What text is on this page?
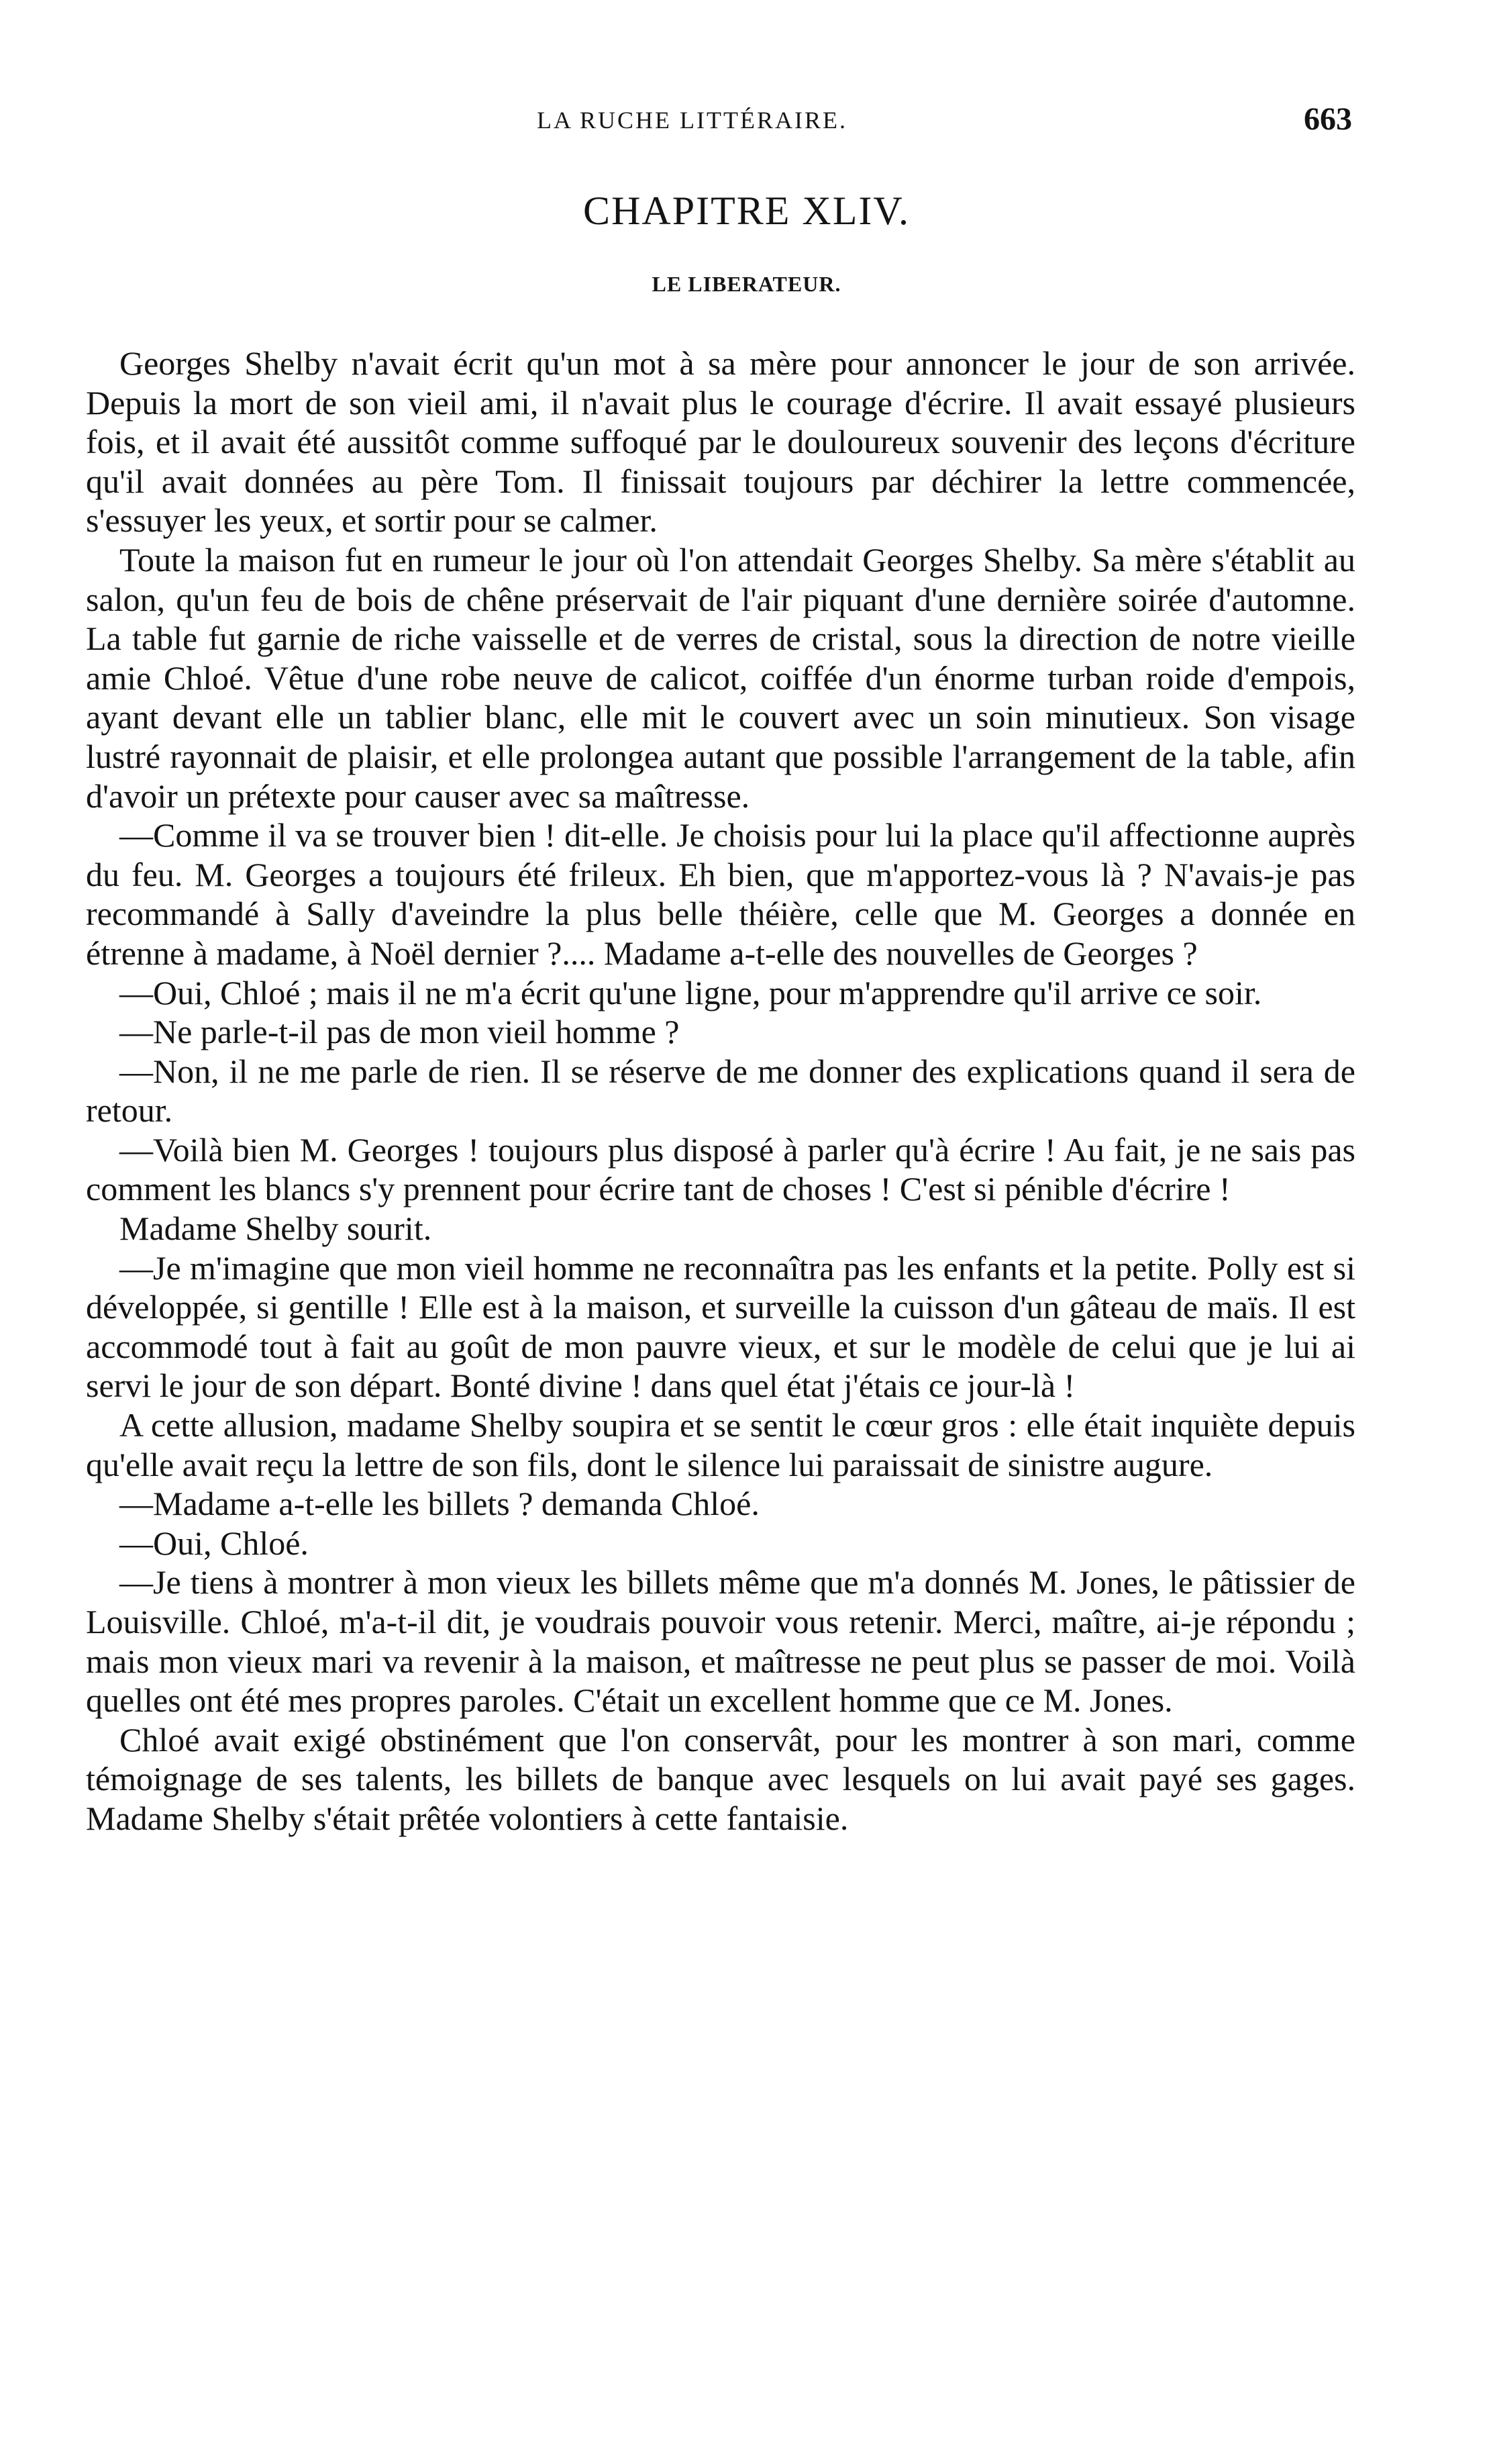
LA RUCHE LITTÉRAIRE.	663
CHAPITRE XLIV.
LE LIBERATEUR.

Georges Shelby n'avait écrit qu'un mot à sa mère pour annoncer le jour de son arrivée. Depuis la mort de son vieil ami, il n'avait plus le courage d'écrire. Il avait essayé plusieurs fois, et il avait été aussitôt comme suffoqué par le douloureux souvenir des leçons d'écriture qu'il avait données au père Tom. Il finissait toujours par déchirer la lettre commencée, s'essuyer les yeux, et sortir pour se calmer.

Toute la maison fut en rumeur le jour où l'on attendait Georges Shelby. Sa mère s'établit au salon, qu'un feu de bois de chêne préservait de l'air piquant d'une dernière soirée d'automne. La table fut garnie de riche vaisselle et de verres de cristal, sous la direction de notre vieille amie Chloé. Vêtue d'une robe neuve de calicot, coiffée d'un énorme turban roide d'empois, ayant devant elle un tablier blanc, elle mit le couvert avec un soin minutieux. Son visage lustré rayonnait de plaisir, et elle prolongea autant que possible l'arrangement de la table, afin d'avoir un prétexte pour causer avec sa maîtresse.

—Comme il va se trouver bien ! dit-elle. Je choisis pour lui la place qu'il affectionne auprès du feu. M. Georges a toujours été frileux. Eh bien, que m'apportez-vous là ? N'avais-je pas recommandé à Sally d'aveindre la plus belle théière, celle que M. Georges a donnée en étrenne à madame, à Noël dernier ?.... Madame a-t-elle des nouvelles de Georges ?

—Oui, Chloé ; mais il ne m'a écrit qu'une ligne, pour m'apprendre qu'il arrive ce soir.

—Ne parle-t-il pas de mon vieil homme ?

—Non, il ne me parle de rien. Il se réserve de me donner des explications quand il sera de retour.

—Voilà bien M. Georges ! toujours plus disposé à parler qu'à écrire ! Au fait, je ne sais pas comment les blancs s'y prennent pour écrire tant de choses ! C'est si pénible d'écrire !

Madame Shelby sourit.

—Je m'imagine que mon vieil homme ne reconnaîtra pas les enfants et la petite. Polly est si développée, si gentille ! Elle est à la maison, et surveille la cuisson d'un gâteau de maïs. Il est accommodé tout à fait au goût de mon pauvre vieux, et sur le modèle de celui que je lui ai servi le jour de son départ. Bonté divine ! dans quel état j'étais ce jour-là !

A cette allusion, madame Shelby soupira et se sentit le cœur gros : elle était inquiète depuis qu'elle avait reçu la lettre de son fils, dont le silence lui paraissait de sinistre augure.

—Madame a-t-elle les billets ? demanda Chloé.

—Oui, Chloé.

—Je tiens à montrer à mon vieux les billets même que m'a donnés M. Jones, le pâtissier de Louisville. Chloé, m'a-t-il dit, je voudrais pouvoir vous retenir. Merci, maître, ai-je répondu ; mais mon vieux mari va revenir à la maison, et maîtresse ne peut plus se passer de moi. Voilà quelles ont été mes propres paroles. C'était un excellent homme que ce M. Jones.

Chloé avait exigé obstinément que l'on conservât, pour les montrer à son mari, comme témoignage de ses talents, les billets de banque avec lesquels on lui avait payé ses gages. Madame Shelby s'était prêtée volontiers à cette fantaisie.
